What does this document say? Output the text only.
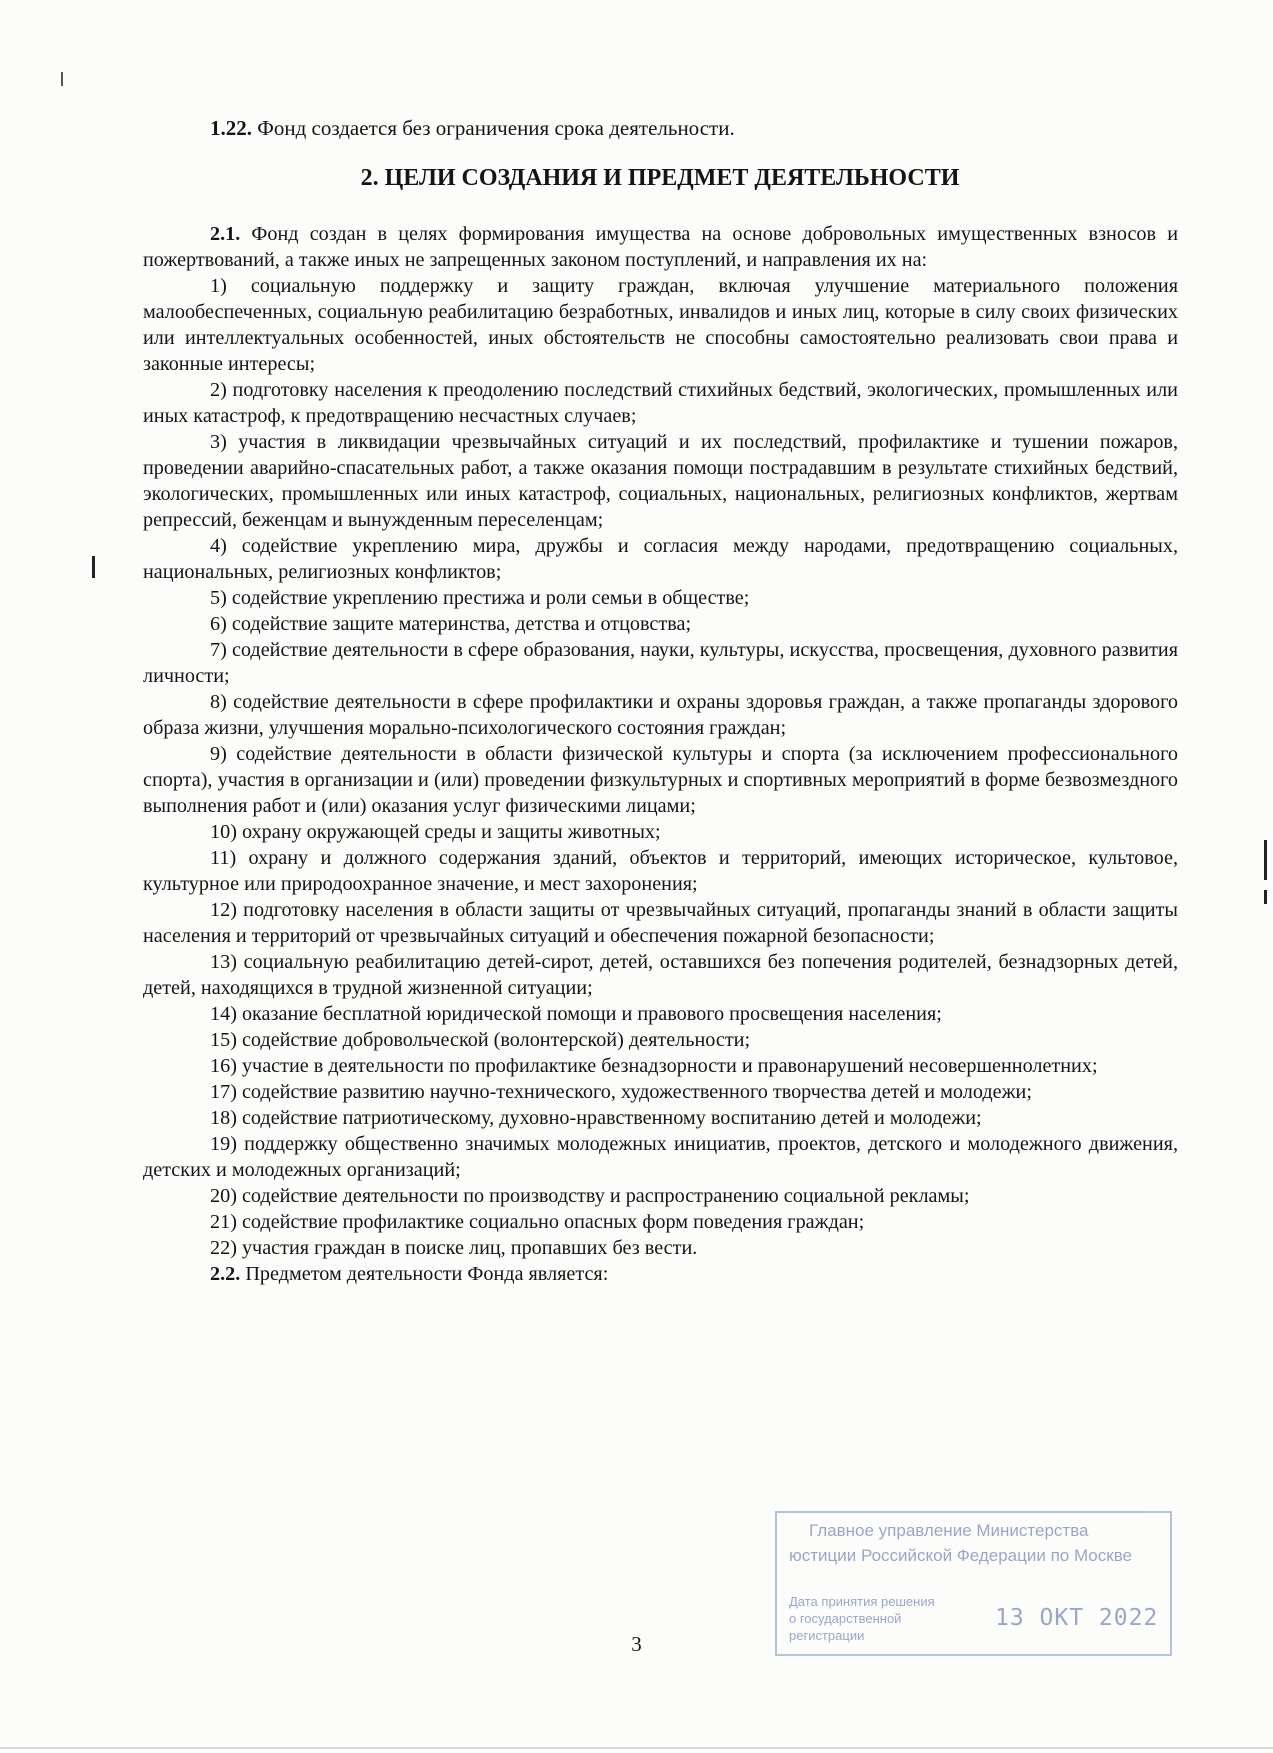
1.22. Фонд создается без ограничения срока деятельности.
2. ЦЕЛИ СОЗДАНИЯ И ПРЕДМЕТ ДЕЯТЕЛЬНОСТИ

2.1. Фонд создан в целях формирования имущества на основе добровольных имущественных взносов и пожертвований, а также иных не запрещенных законом поступлений, и направления их на:

1) социальную поддержку и защиту граждан, включая улучшение материального положения малообеспеченных, социальную реабилитацию безработных, инвалидов и иных лиц, которые в силу своих физических или интеллектуальных особенностей, иных обстоятельств не способны самостоятельно реализовать свои права и законные интересы;

2) подготовку населения к преодолению последствий стихийных бедствий, экологических, промышленных или иных катастроф, к предотвращению несчастных случаев;

3) участия в ликвидации чрезвычайных ситуаций и их последствий, профилактике и тушении пожаров, проведении аварийно-спасательных работ, а также оказания помощи пострадавшим в результате стихийных бедствий, экологических, промышленных или иных катастроф, социальных, национальных, религиозных конфликтов, жертвам репрессий, беженцам и вынужденным переселенцам;

4) содействие укреплению мира, дружбы и согласия между народами, предотвращению социальных, национальных, религиозных конфликтов;

5) содействие укреплению престижа и роли семьи в обществе;

6) содействие защите материнства, детства и отцовства;

7) содействие деятельности в сфере образования, науки, культуры, искусства, просвещения, духовного развития личности;

8) содействие деятельности в сфере профилактики и охраны здоровья граждан, а также пропаганды здорового образа жизни, улучшения морально-психологического состояния граждан;

9) содействие деятельности в области физической культуры и спорта (за исключением профессионального спорта), участия в организации и (или) проведении физкультурных и спортивных мероприятий в форме безвозмездного выполнения работ и (или) оказания услуг физическими лицами;

10) охрану окружающей среды и защиты животных;

11) охрану и должного содержания зданий, объектов и территорий, имеющих историческое, культовое, культурное или природоохранное значение, и мест захоронения;

12) подготовку населения в области защиты от чрезвычайных ситуаций, пропаганды знаний в области защиты населения и территорий от чрезвычайных ситуаций и обеспечения пожарной безопасности;

13) социальную реабилитацию детей-сирот, детей, оставшихся без попечения родителей, безнадзорных детей, детей, находящихся в трудной жизненной ситуации;

14) оказание бесплатной юридической помощи и правового просвещения населения;

15) содействие добровольческой (волонтерской) деятельности;

16) участие в деятельности по профилактике безнадзорности и правонарушений несовершеннолетних;

17) содействие развитию научно-технического, художественного творчества детей и молодежи;

18) содействие патриотическому, духовно-нравственному воспитанию детей и молодежи;

19) поддержку общественно значимых молодежных инициатив, проектов, детского и молодежного движения, детских и молодежных организаций;

20) содействие деятельности по производству и распространению социальной рекламы;

21) содействие профилактике социально опасных форм поведения граждан;

22) участия граждан в поиске лиц, пропавших без вести.

2.2. Предметом деятельности Фонда является:

Главное управление Министерства
юстиции Российской Федерации по Москве
Дата принятия решения о государственной регистрации
13 ОКТ 2022
3
